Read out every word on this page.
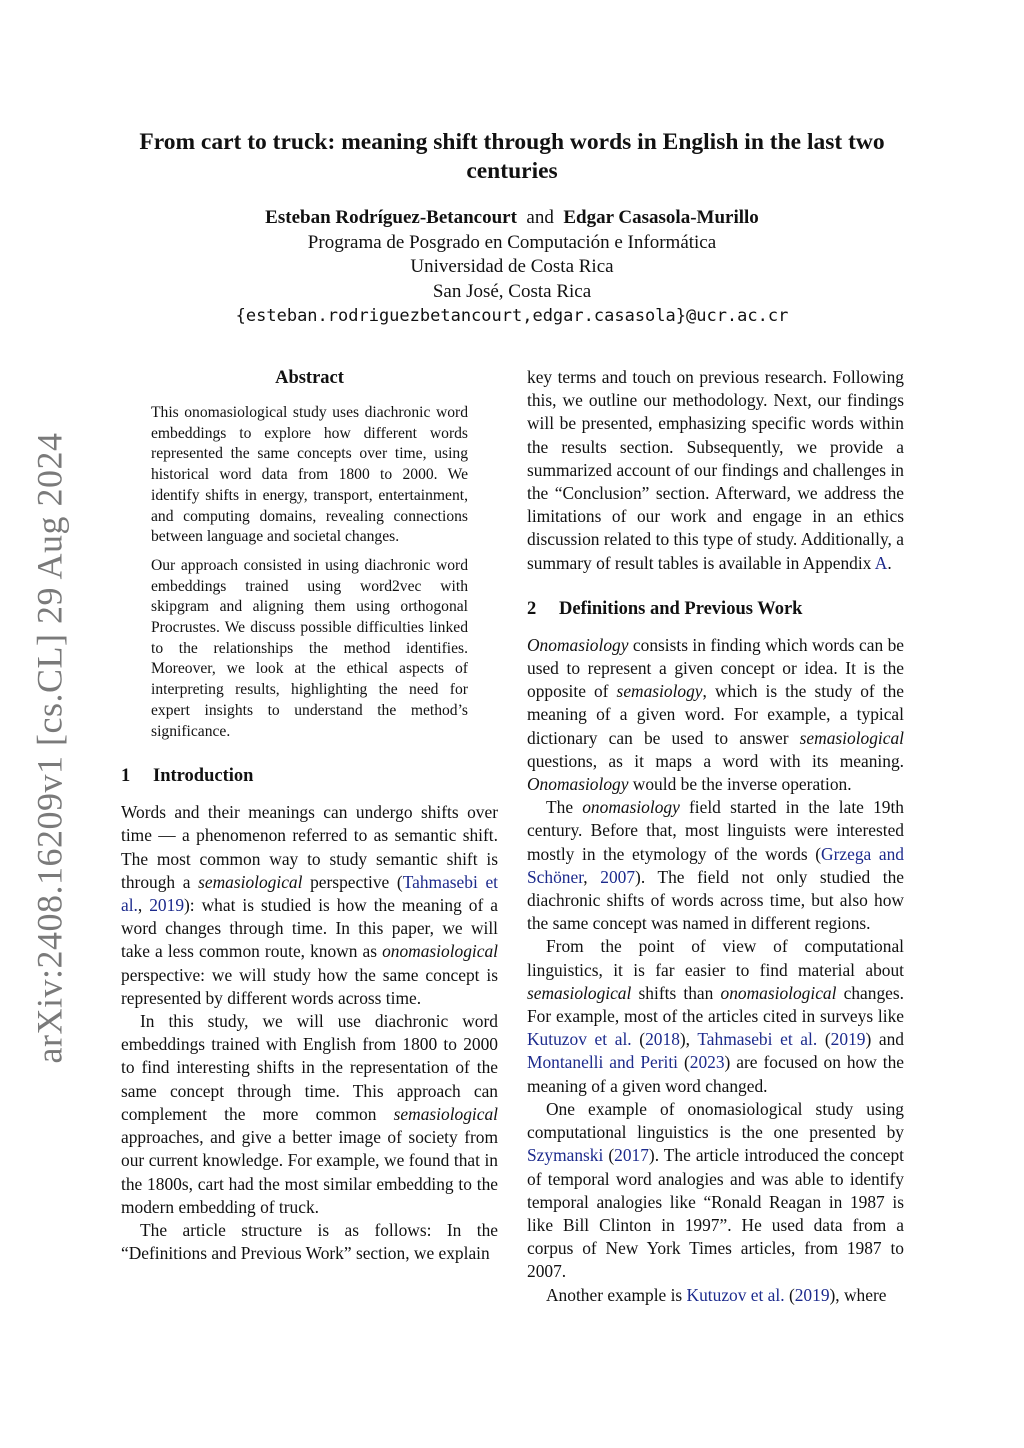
arXiv:2408.16209v1 [cs.CL] 29 Aug 2024
From cart to truck: meaning shift through words in English in the last two centuries
Esteban Rodríguez-Betancourt and Edgar Casasola-Murillo
Programa de Posgrado en Computación e Informática
Universidad de Costa Rica
San José, Costa Rica
{esteban.rodriguezbetancourt,edgar.casasola}@ucr.ac.cr
Abstract

This onomasiological study uses diachronic word embeddings to explore how different words represented the same concepts over time, using historical word data from 1800 to 2000. We identify shifts in energy, transport, entertainment, and computing domains, revealing connections between language and societal changes.

Our approach consisted in using diachronic word embeddings trained using word2vec with skipgram and aligning them using orthogonal Procrustes. We discuss possible difficulties linked to the relationships the method identifies. Moreover, we look at the ethical aspects of interpreting results, highlighting the need for expert insights to understand the method’s significance.

1 Introduction

Words and their meanings can undergo shifts over time — a phenomenon referred to as semantic shift. The most common way to study semantic shift is through a semasiological perspective (Tahmasebi et al., 2019): what is studied is how the meaning of a word changes through time. In this paper, we will take a less common route, known as onomasiological perspective: we will study how the same concept is represented by different words across time.

In this study, we will use diachronic word embeddings trained with English from 1800 to 2000 to find interesting shifts in the representation of the same concept through time. This approach can complement the more common semasiological approaches, and give a better image of society from our current knowledge. For example, we found that in the 1800s, cart had the most similar embedding to the modern embedding of truck.

The article structure is as follows: In the “Definitions and Previous Work” section, we explain

key terms and touch on previous research. Following this, we outline our methodology. Next, our findings will be presented, emphasizing specific words within the results section. Subsequently, we provide a summarized account of our findings and challenges in the “Conclusion” section. Afterward, we address the limitations of our work and engage in an ethics discussion related to this type of study. Additionally, a summary of result tables is available in Appendix A.

2 Definitions and Previous Work

Onomasiology consists in finding which words can be used to represent a given concept or idea. It is the opposite of semasiology, which is the study of the meaning of a given word. For example, a typical dictionary can be used to answer semasiological questions, as it maps a word with its meaning. Onomasiology would be the inverse operation.

The onomasiology field started in the late 19th century. Before that, most linguists were interested mostly in the etymology of the words (Grzega and Schöner, 2007). The field not only studied the diachronic shifts of words across time, but also how the same concept was named in different regions.

From the point of view of computational linguistics, it is far easier to find material about semasiological shifts than onomasiological changes. For example, most of the articles cited in surveys like Kutuzov et al. (2018), Tahmasebi et al. (2019) and Montanelli and Periti (2023) are focused on how the meaning of a given word changed.

One example of onomasiological study using computational linguistics is the one presented by Szymanski (2017). The article introduced the concept of temporal word analogies and was able to identify temporal analogies like “Ronald Reagan in 1987 is like Bill Clinton in 1997”. He used data from a corpus of New York Times articles, from 1987 to 2007.

Another example is Kutuzov et al. (2019), where
